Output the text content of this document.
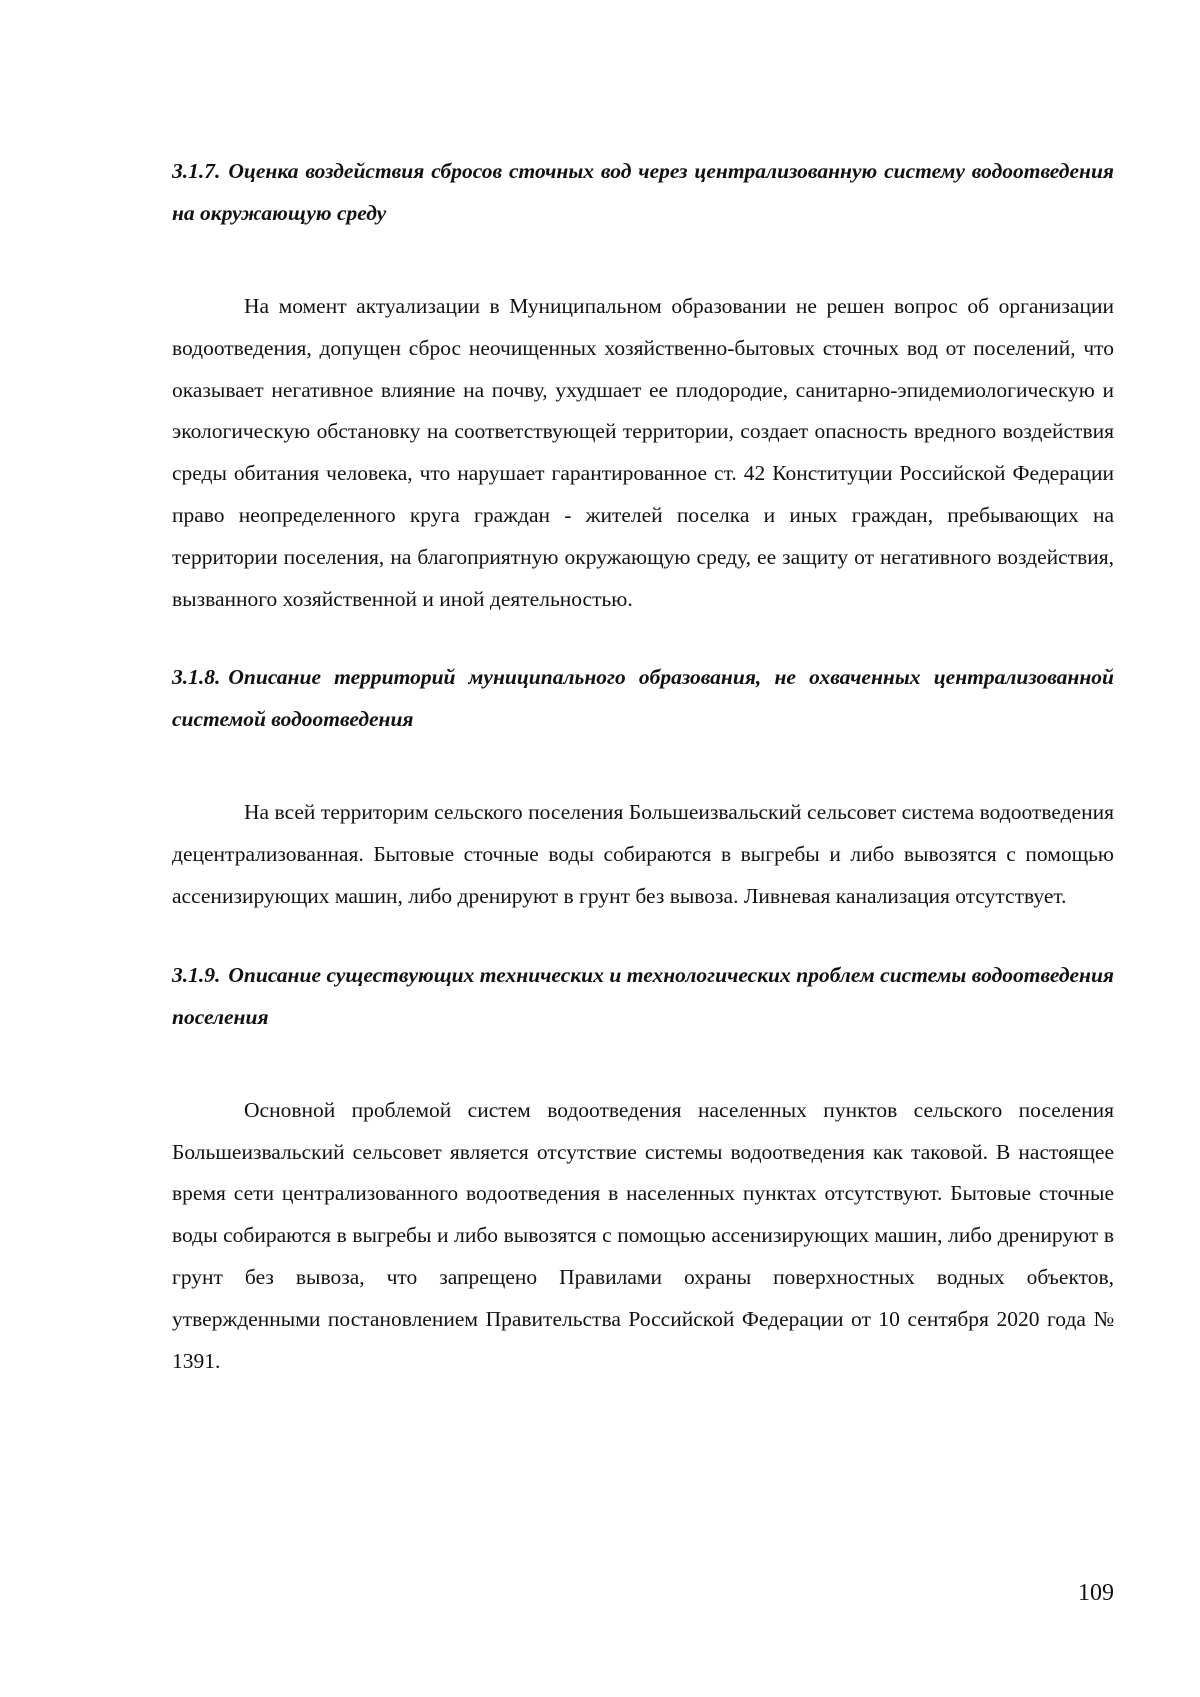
3.1.7. Оценка воздействия сбросов сточных вод через централизованную систему водоотведения на окружающую среду

На момент актуализации в Муниципальном образовании не решен вопрос об организации водоотведения, допущен сброс неочищенных хозяйственно-бытовых сточных вод от поселений, что оказывает негативное влияние на почву, ухудшает ее плодородие, санитарно-эпидемиологическую и экологическую обстановку на соответствующей территории, создает опасность вредного воздействия среды обитания человека, что нарушает гарантированное ст. 42 Конституции Российской Федерации право неопределенного круга граждан - жителей поселка и иных граждан, пребывающих на территории поселения, на благоприятную окружающую среду, ее защиту от негативного воздействия, вызванного хозяйственной и иной деятельностью.

3.1.8. Описание территорий муниципального образования, не охваченных централизованной системой водоотведения

На всей территорим сельского поселения Большеизвальский сельсовет система водоотведения децентрализованная. Бытовые сточные воды собираются в выгребы и либо вывозятся с помощью ассенизирующих машин, либо дренируют в грунт без вывоза. Ливневая канализация отсутствует.

3.1.9. Описание существующих технических и технологических проблем системы водоотведения поселения

Основной проблемой систем водоотведения населенных пунктов сельского поселения Большеизвальский сельсовет является отсутствие системы водоотведения как таковой. В настоящее время сети централизованного водоотведения в населенных пунктах отсутствуют. Бытовые сточные воды собираются в выгребы и либо вывозятся с помощью ассенизирующих машин, либо дренируют в грунт без вывоза, что запрещено Правилами охраны поверхностных водных объектов, утвержденными постановлением Правительства Российской Федерации от 10 сентября 2020 года № 1391.

109
